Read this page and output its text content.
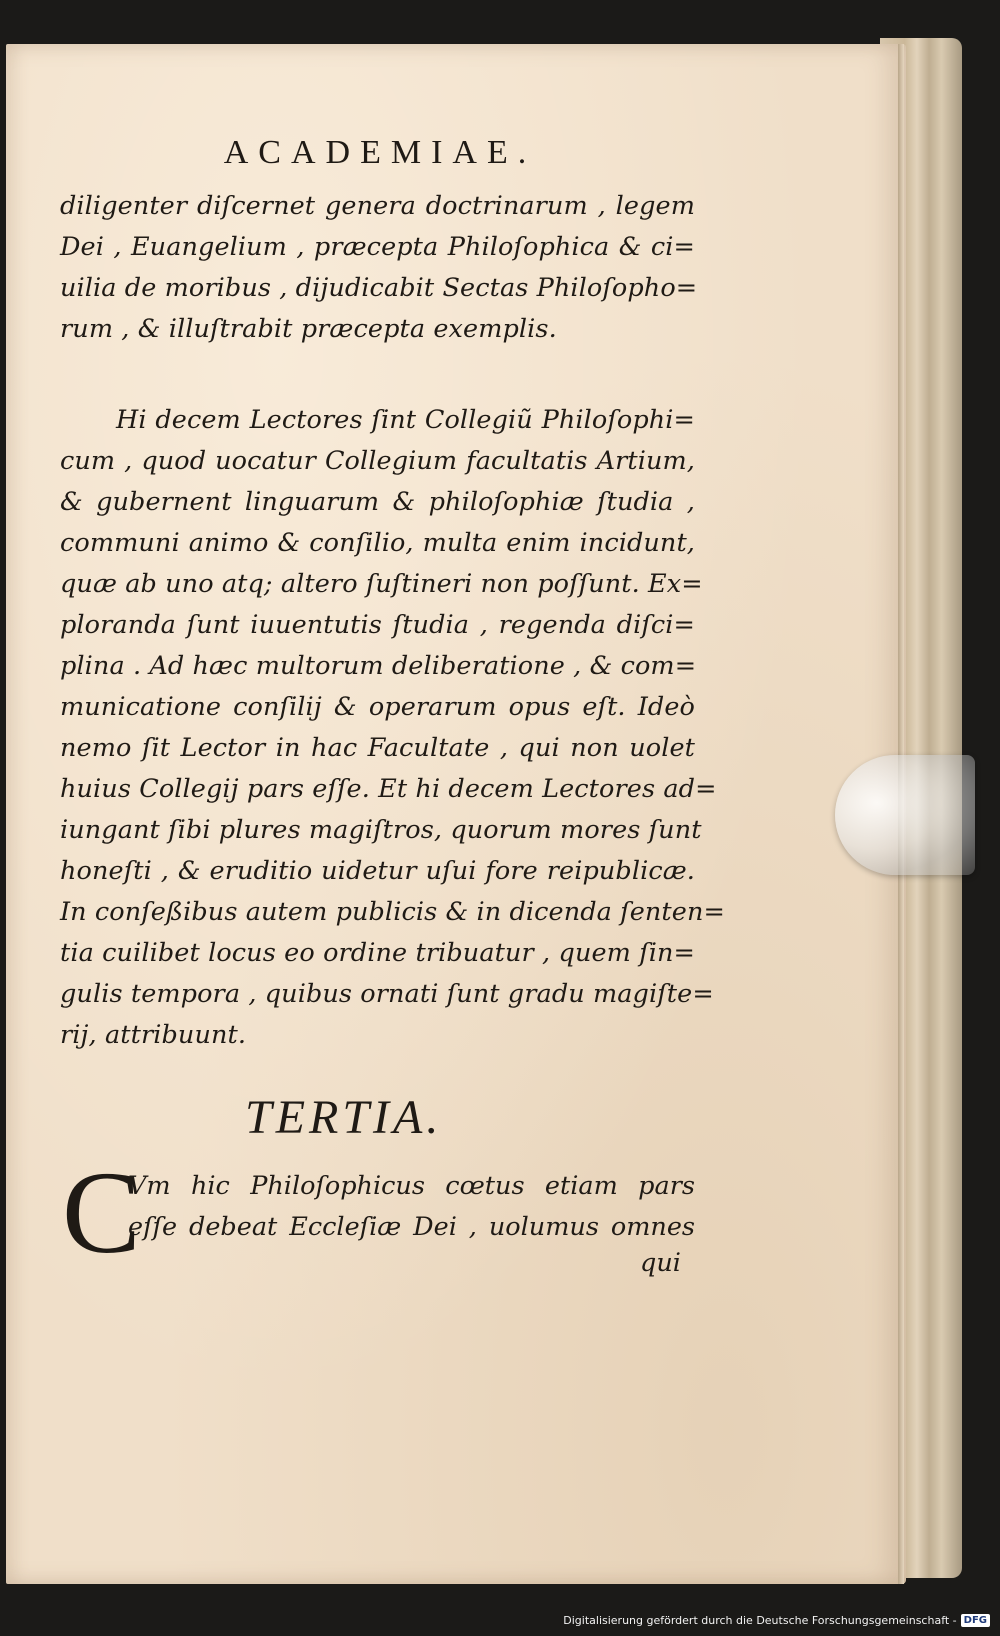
ACADEMIAE.
diligenter diſcernet genera doctrinarum , legem
Dei , Euangelium , præcepta Philoſophica & ci=
uilia de moribus , dijudicabit Sectas Philoſopho=
rum , & illuſtrabit præcepta exemplis.
Hi decem Lectores ſint Collegiũ Philoſophi=
cum , quod uocatur Collegium facultatis Artium,
& gubernent linguarum & philoſophiæ ſtudia ,
communi animo & conſilio, multa enim incidunt,
quæ ab uno atq; altero ſuſtineri non poſſunt. Ex=
ploranda ſunt iuuentutis ſtudia , regenda diſci=
plina . Ad hæc multorum deliberatione , & com=
municatione conſilij & operarum opus eſt. Ideò
nemo ſit Lector in hac Facultate , qui non uolet
huius Collegij pars eſſe. Et hi decem Lectores ad=
iungant ſibi plures magiſtros, quorum mores ſunt
honeſti , & eruditio uidetur uſui fore reipublicæ.
In conſeßibus autem publicis & in dicenda ſenten=
tia cuilibet locus eo ordine tribuatur , quem ſin=
gulis tempora , quibus ornati ſunt gradu magiſte=
rij, attribuunt.
TERTIA.
C
Vm hic Philoſophicus cœtus etiam pars
eſſe debeat Eccleſiæ Dei , uolumus omnes
qui
Digitalisierung gefördert durch die Deutsche Forschungsgemeinschaft - DFG
